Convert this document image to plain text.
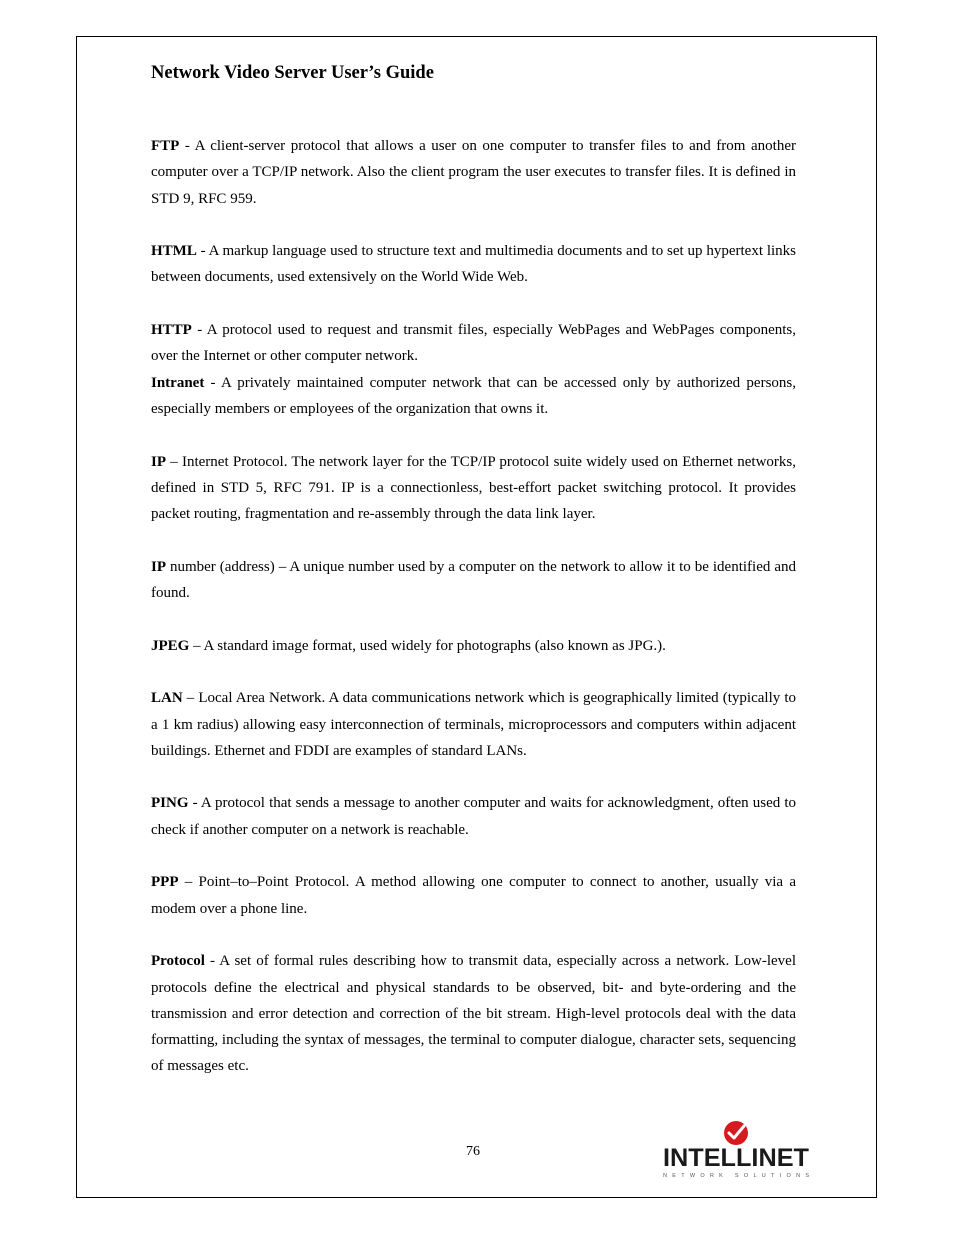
Network Video Server User’s Guide

FTP - A client-server protocol that allows a user on one computer to transfer files to and from another computer over a TCP/IP network. Also the client program the user executes to transfer files. It is defined in STD 9, RFC 959.

HTML - A markup language used to structure text and multimedia documents and to set up hypertext links between documents, used extensively on the World Wide Web.

HTTP - A protocol used to request and transmit files, especially WebPages and WebPages components, over the Internet or other computer network.

Intranet - A privately maintained computer network that can be accessed only by authorized persons, especially members or employees of the organization that owns it.

IP – Internet Protocol. The network layer for the TCP/IP protocol suite widely used on Ethernet networks, defined in STD 5, RFC 791. IP is a connectionless, best-effort packet switching protocol. It provides packet routing, fragmentation and re-assembly through the data link layer.

IP number (address) – A unique number used by a computer on the network to allow it to be identified and found.

JPEG – A standard image format, used widely for photographs (also known as JPG.).

LAN – Local Area Network. A data communications network which is geographically limited (typically to a 1 km radius) allowing easy interconnection of terminals, microprocessors and computers within adjacent buildings. Ethernet and FDDI are examples of standard LANs.

PING - A protocol that sends a message to another computer and waits for acknowledgment, often used to check if another computer on a network is reachable.

PPP – Point–to–Point Protocol. A method allowing one computer to connect to another, usually via a modem over a phone line.

Protocol - A set of formal rules describing how to transmit data, especially across a network. Low-level protocols define the electrical and physical standards to be observed, bit- and byte-ordering and the transmission and error detection and correction of the bit stream. High-level protocols deal with the data formatting, including the syntax of messages, the terminal to computer dialogue, character sets, sequencing of messages etc.

76	INTELLINET
NETWORK SOLUTIONS
